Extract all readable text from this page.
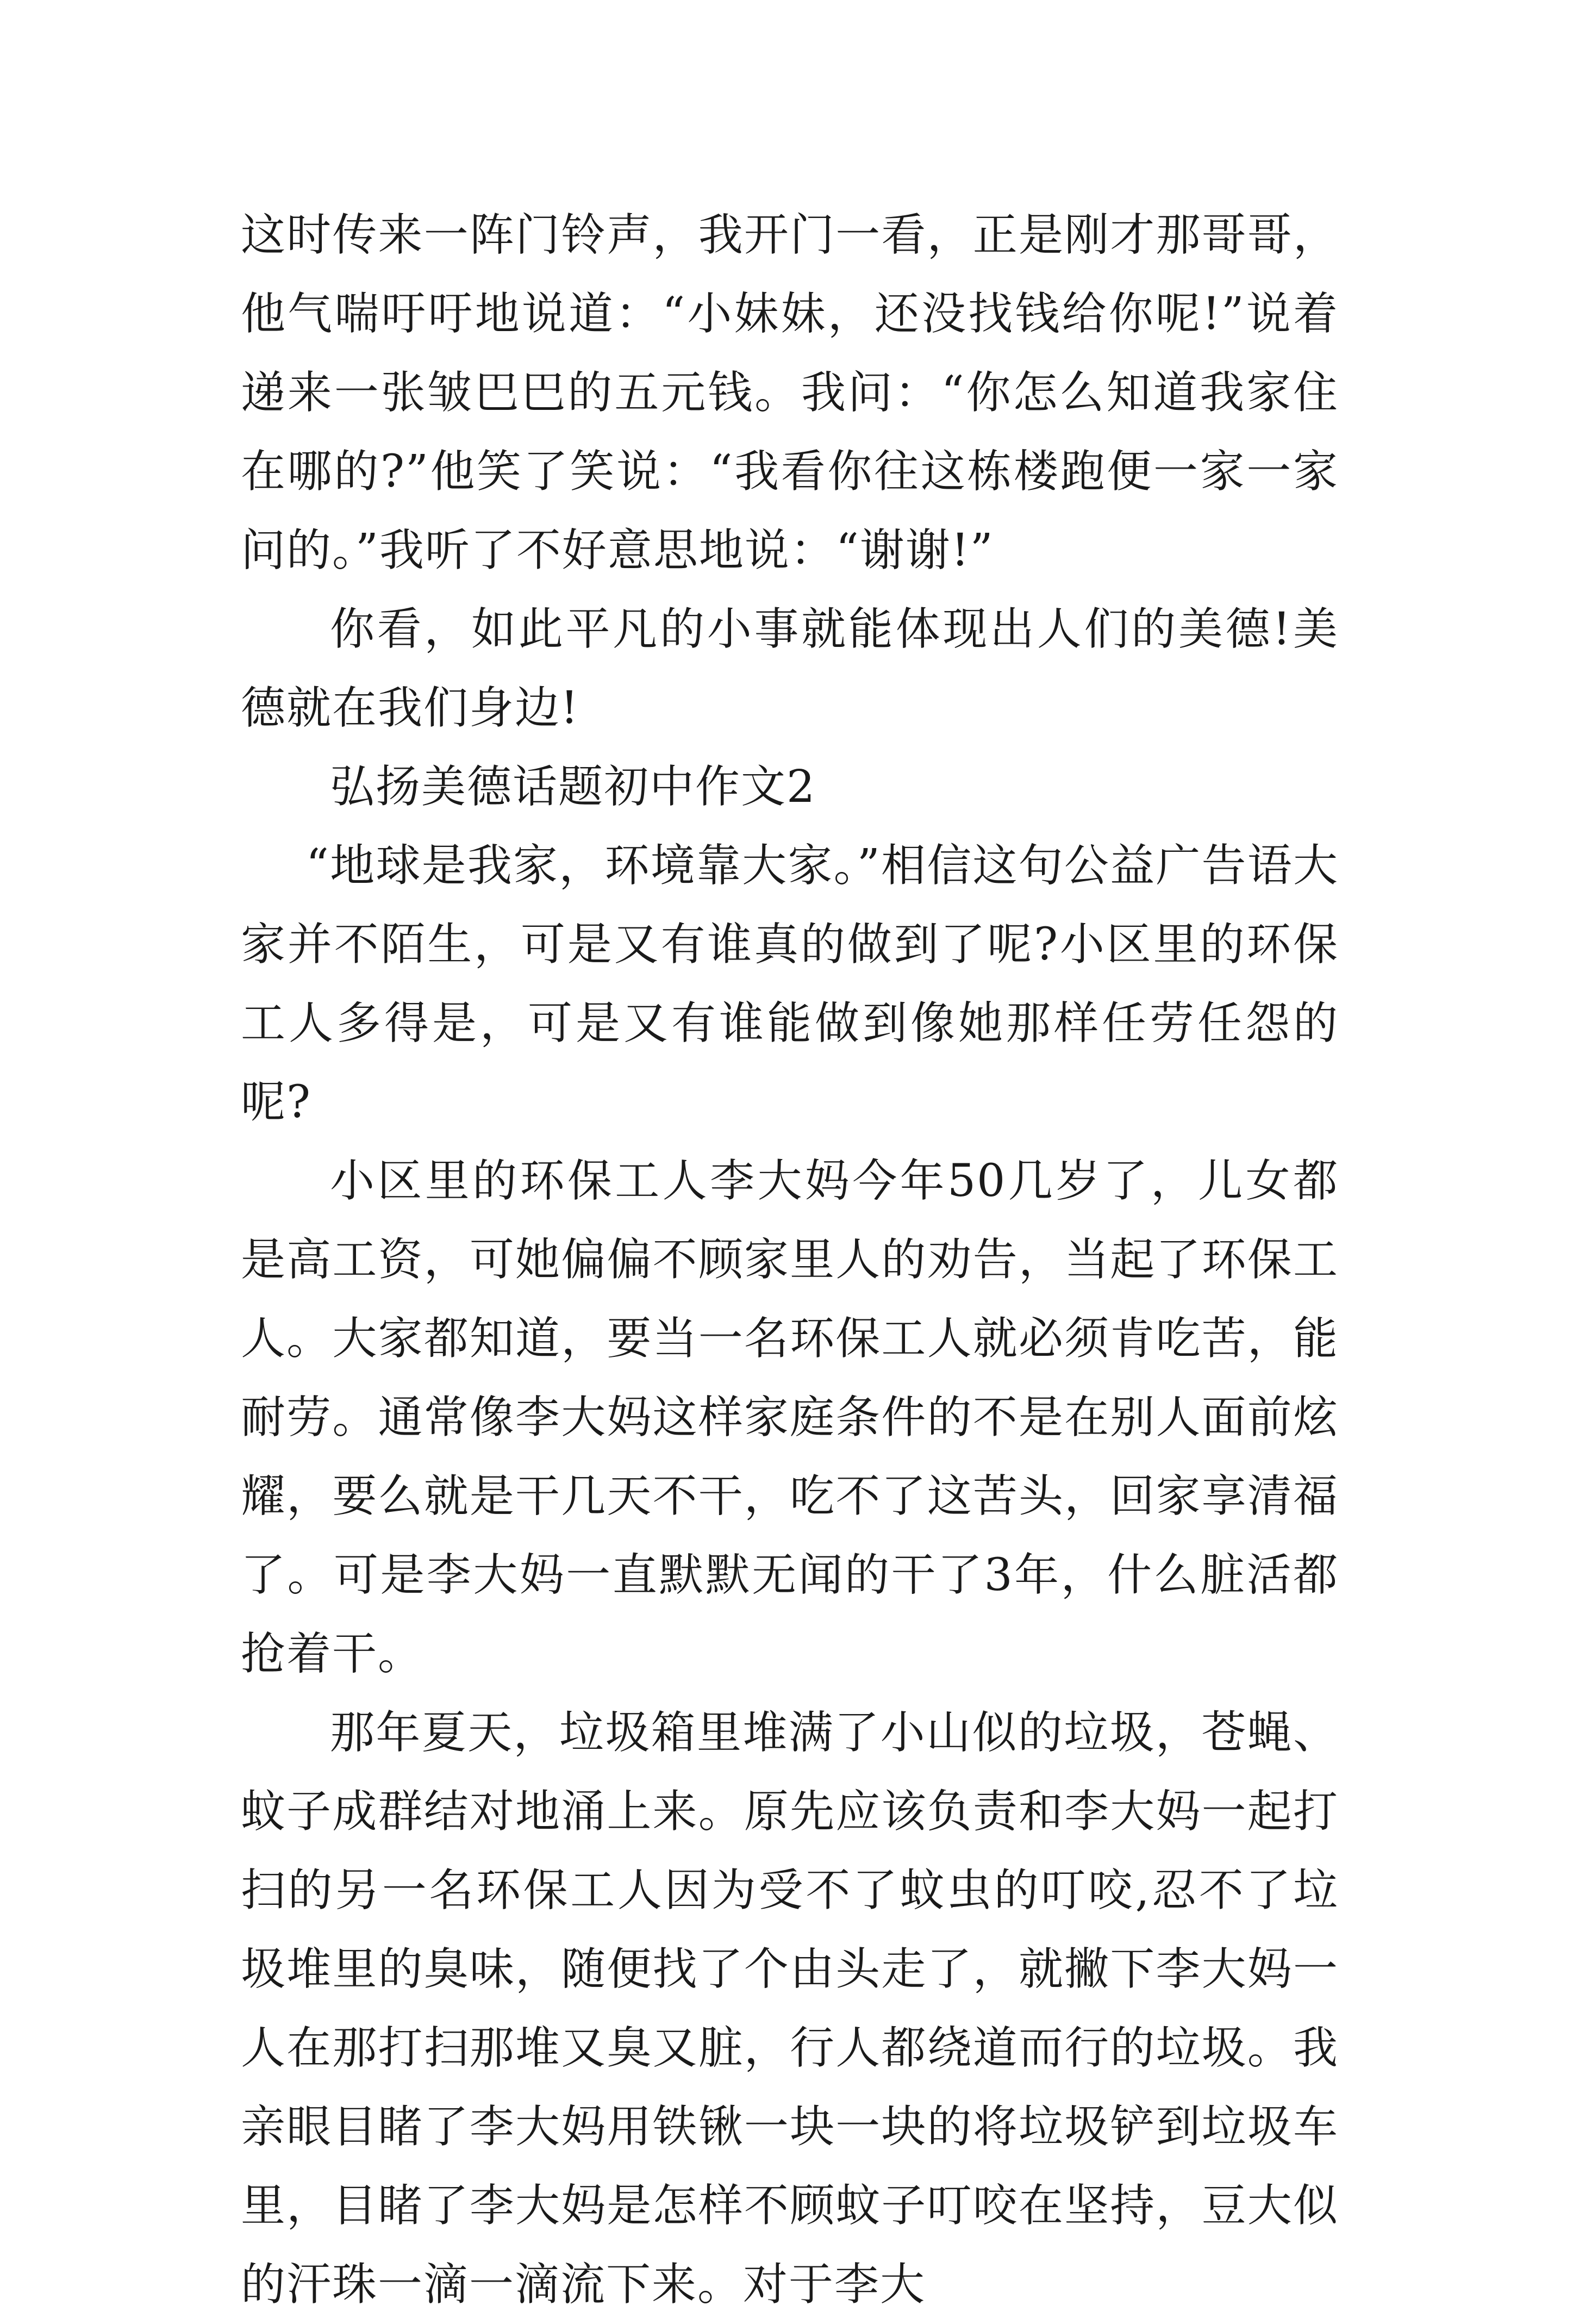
这时传来一阵门铃声，我开门一看，正是刚才那哥哥，他气喘吁吁地说道：“小妹妹，还没找钱给你呢!”说着递来一张皱巴巴的五元钱。我问：“你怎么知道我家住在哪的?”他笑了笑说：“我看你往这栋楼跑便一家一家问的。”我听了不好意思地说：“谢谢!”

你看，如此平凡的小事就能体现出人们的美德!美德就在我们身边!

弘扬美德话题初中作文2

“地球是我家，环境靠大家。”相信这句公益广告语大家并不陌生，可是又有谁真的做到了呢?小区里的环保工人多得是，可是又有谁能做到像她那样任劳任怨的呢?

小区里的环保工人李大妈今年50几岁了，儿女都是高工资，可她偏偏不顾家里人的劝告，当起了环保工人。大家都知道，要当一名环保工人就必须肯吃苦，能耐劳。通常像李大妈这样家庭条件的不是在别人面前炫耀，要么就是干几天不干，吃不了这苦头，回家享清福了。可是李大妈一直默默无闻的干了3年，什么脏活都抢着干。

那年夏天，垃圾箱里堆满了小山似的垃圾，苍蝇、蚊子成群结对地涌上来。原先应该负责和李大妈一起打扫的另一名环保工人因为受不了蚊虫的叮咬,忍不了垃圾堆里的臭味，随便找了个由头走了，就撇下李大妈一人在那打扫那堆又臭又脏，行人都绕道而行的垃圾。我亲眼目睹了李大妈用铁锹一块一块的将垃圾铲到垃圾车里，目睹了李大妈是怎样不顾蚊子叮咬在坚持，豆大似的汗珠一滴一滴流下来。对于李大
